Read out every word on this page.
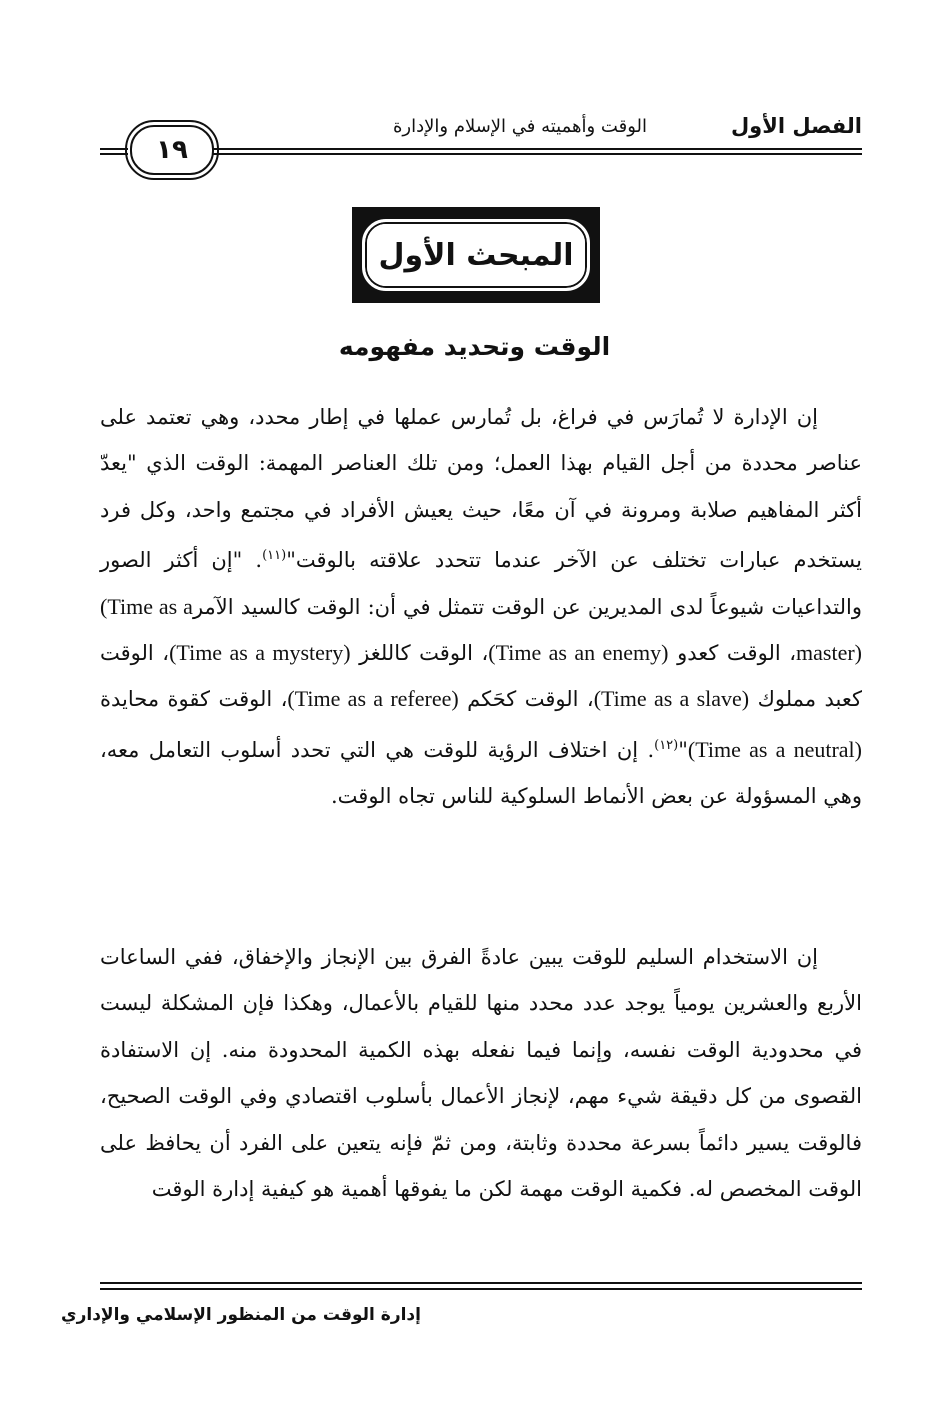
الفصل الأول
الوقت وأهميته في الإسلام والإدارة
١٩
المبحث الأول
الوقت وتحديد مفهومه
إن الإدارة لا تُمارَس في فراغ، بل تُمارس عملها في إطار محدد، وهي تعتمد على عناصر محددة من أجل القيام بهذا العمل؛ ومن تلك العناصر المهمة: الوقت الذي "يعدّ أكثر المفاهيم صلابة ومرونة في آن معًا، حيث يعيش الأفراد في مجتمع واحد، وكل فرد يستخدم عبارات تختلف عن الآخر عندما تتحدد علاقته بالوقت"$^{(١١)}$. "إن أكثر الصور والتداعيات شيوعاً لدى المديرين عن الوقت تتمثل في أن: الوقت كالسيد الآمر(Time as a master)، الوقت كعدو (Time as an enemy)، الوقت كاللغز (Time as a mystery)، الوقت كعبد مملوك (Time as a slave)، الوقت كحَكم (Time as a referee)، الوقت كقوة محايدة (Time as a neutral)"$^{(١٢)}$. إن اختلاف الرؤية للوقت هي التي تحدد أسلوب التعامل معه، وهي المسؤولة عن بعض الأنماط السلوكية للناس تجاه الوقت.
إن الاستخدام السليم للوقت يبين عادةً الفرق بين الإنجاز والإخفاق، ففي الساعات الأربع والعشرين يومياً يوجد عدد محدد منها للقيام بالأعمال، وهكذا فإن المشكلة ليست في محدودية الوقت نفسه، وإنما فيما نفعله بهذه الكمية المحدودة منه. إن الاستفادة القصوى من كل دقيقة شيء مهم، لإنجاز الأعمال بأسلوب اقتصادي وفي الوقت الصحيح، فالوقت يسير دائماً بسرعة محددة وثابتة، ومن ثمّ فإنه يتعين على الفرد أن يحافظ على الوقت المخصص له. فكمية الوقت مهمة لكن ما يفوقها أهمية هو كيفية إدارة الوقت
إدارة الوقت من المنظور الإسلامي والإداري
